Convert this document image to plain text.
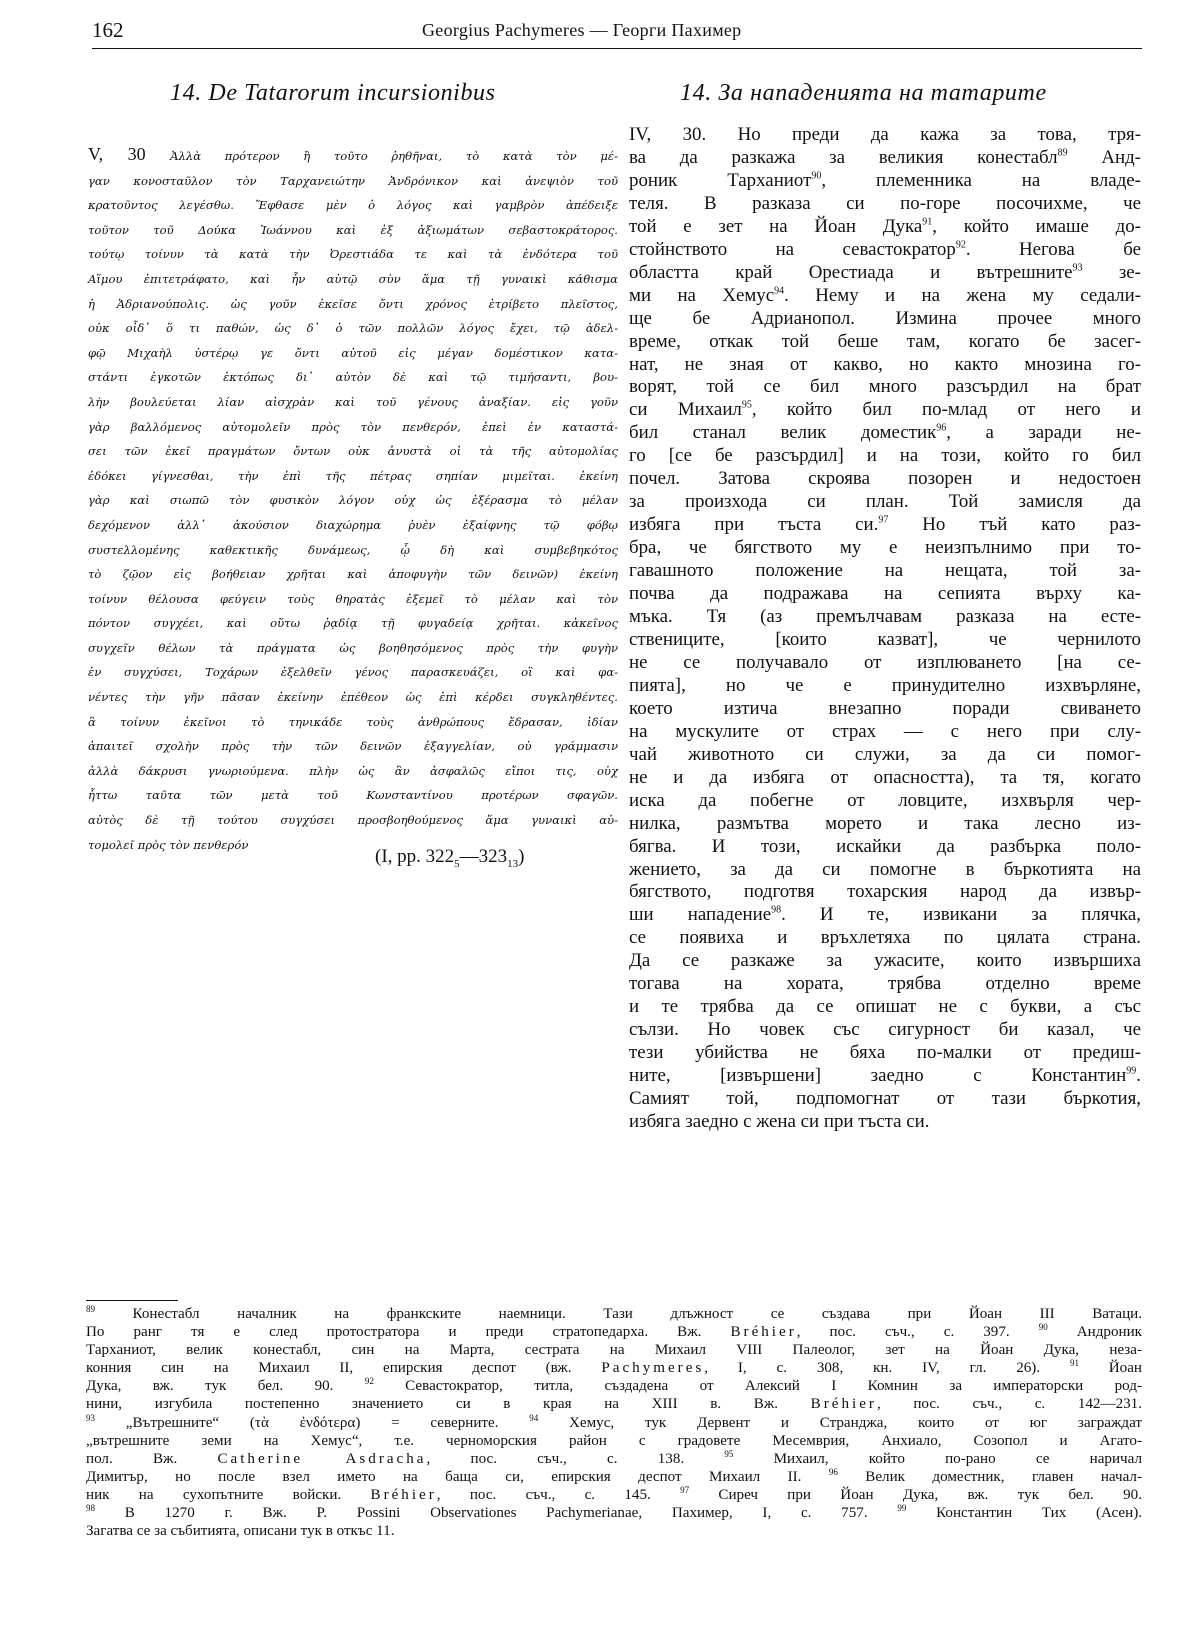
162	Georgius Pachymeres — Георги Пахимер
14. De Tatarorum incursionibus	14. За нападенията на татарите
V, 30 Ἀλλὰ πρότερον ἢ τοῦτο ῥηθῆναι, τὸ κατὰ τὸν μέ-
γαν κονοσταῦλον τὸν Ταρχανειώτην Ἀνδρόνικον καὶ ἀνεψιὸν τοῦ
κρατοῦντος λεγέσθω. Ἔφθασε μὲν ὁ λόγος καὶ γαμβρὸν ἀπέδειξε
τοῦτον τοῦ Δούκα Ἰωάννου καὶ ἐξ ἀξιωμάτων σεβαστοκράτορος.
τούτῳ τοίνυν τὰ κατὰ τὴν Ὀρεστιάδα τε καὶ τὰ ἐνδότερα τοῦ
Αἵμου ἐπιτετράφατο, καὶ ἦν αὐτῷ σὺν ἅμα τῇ γυναικὶ κάθισμα
ἡ Ἀδριανούπολις. ὡς γοῦν ἐκεῖσε ὄντι χρόνος ἐτρίβετο πλεῖστος,
οὐκ οἶδ᾽ ὅ τι παθών, ὡς δ᾽ ὁ τῶν πολλῶν λόγος ἔχει, τῷ ἀδελ-
φῷ Μιχαὴλ ὑστέρῳ γε ὄντι αὐτοῦ εἰς μέγαν δομέστικον κατα-
στάντι ἐγκοτῶν ἐκτόπως δι᾽ αὐτὸν δὲ καὶ τῷ τιμήσαντι, βου-
λὴν βουλεύεται λίαν αἰσχρὰν καὶ τοῦ γένους ἀναξίαν. εἰς γοῦν
γὰρ βαλλόμενος αὐτομολεῖν πρὸς τὸν πενθερόν, ἐπεὶ ἐν καταστά-
σει τῶν ἐκεῖ πραγμάτων ὄντων οὐκ ἀνυστὰ οἱ τὰ τῆς αὐτομολίας
ἐδόκει γίγνεσθαι, τὴν ἐπὶ τῆς πέτρας σηπίαν μιμεῖται. ἐκείνη
γὰρ καὶ σιωπῶ τὸν φυσικὸν λόγον οὐχ ὡς ἐξέρασμα τὸ μέλαν
δεχόμενον ἀλλ᾽ ἀκούσιον διαχώρημα ῥυὲν ἐξαίφνης τῷ φόβῳ
συστελλομένης καθεκτικῆς δυνάμεως, ᾧ δὴ καὶ συμβεβηκότος
τὸ ζῷον εἰς βοήθειαν χρῆται καὶ ἀποφυγὴν τῶν δεινῶν) ἐκείνη
τοίνυν θέλουσα φεύγειν τοὺς θηρατὰς ἐξεμεῖ τὸ μέλαν καὶ τὸν
πόντον συγχέει, καὶ οὕτω ῥᾳδίᾳ τῇ φυγαδείᾳ χρῆται. κἀκεῖνος
συγχεῖν θέλων τὰ πράγματα ὡς βοηθησόμενος πρὸς τὴν φυγὴν
ἐν συγχύσει, Τοχάρων ἐξελθεῖν γένος παρασκευάζει, οἳ καὶ φα-
νέντες τὴν γῆν πᾶσαν ἐκείνην ἐπέθεον ὡς ἐπὶ κέρδει συγκληθέντες.
ἃ τοίνυν ἐκεῖνοι τὸ τηνικάδε τοὺς ἀνθρώπους ἔδρασαν, ἰδίαν
ἀπαιτεῖ σχολὴν πρὸς τὴν τῶν δεινῶν ἐξαγγελίαν, οὐ γράμμασιν
ἀλλὰ δάκρυσι γνωριούμενα. πλὴν ὡς ἂν ἀσφαλῶς εἴποι τις, οὐχ
ἧττω ταῦτα τῶν μετὰ τοῦ Κωνσταντίνου προτέρων σφαγῶν.
αὐτὸς δὲ τῇ τούτου συγχύσει προσβοηθούμενος ἅμα γυναικὶ αὐ-
τομολεῖ πρὸς τὸν πενθερόν
(I, pp. $322_5—323_{13}$)
IV, 30. Но преди да кажа за това, тря-
ва да разкажа за великия конестабл$^{89}$ Анд-
роник Тарханиот$^{90}$, племенника на владе-
теля. В разказа си по-горе посочихме, че
той е зет на Йоан Дука$^{91}$, който имаше до-
стойнството на севастократор$^{92}$. Негова бе
областта край Орестиада и вътрешните$^{93}$ зе-
ми на Хемус$^{94}$. Нему и на жена му седали-
ще бе Адрианопол. Измина прочее много
време, откак той беше там, когато бе засег-
нат, не зная от какво, но както мнозина го-
ворят, той се бил много разсърдил на брат
си Михаил$^{95}$, който бил по-млад от него и
бил станал велик доместик$^{96}$, а заради не-
го [се бе разсърдил] и на този, който го бил
почел. Затова скроява позорен и недостоен
за произхода си план. Той замисля да
избяга при тъста си.$^{97}$ Но тъй като раз-
бра, че бягството му е неизпълнимо при то-
гавашното положение на нещата, той за-
почва да подражава на сепията върху ка-
мъка. Тя (аз премълчавам разказа на есте-
ствениците, [които казват], че чернилото
не се получавало от изплюването [на се-
пията], но че е принудително изхвърляне,
което изтича внезапно поради свиването
на мускулите от страх — с него при слу-
чай животното си служи, за да си помог-
не и да избяга от опасността), та тя, когато
иска да побегне от ловците, изхвърля чер-
нилка, размътва морето и така лесно из-
бягва. И този, искайки да разбърка поло-
жението, за да си помогне в бъркотията на
бягството, подготвя тохарския народ да извър-
ши нападение$^{98}$. И те, извикани за плячка,
се появиха и връхлетяха по цялата страна.
Да се разкаже за ужасите, които извършиха
тогава на хората, трябва отделно време
и те трябва да се опишат не с букви, а със
сълзи. Но човек със сигурност би казал, че
тези убийства не бяха по-малки от предиш-
ните, [извършени] заедно с Константин$^{99}$.
Самият той, подпомогнат от тази бъркотия,
избяга заедно с жена си при тъста си.
$^{89}$ Конестабл началник на франкските наемници. Тази длъжност се създава при Йоан III Ватаци.
По ранг тя е след протостратора и преди стратопедарха. Вж. Bréhier, пос. съч., с. 397. $^{90}$ Андроник
Тарханиот, велик конестабл, син на Марта, сестрата на Михаил VIII Палеолог, зет на Йоан Дука, неза-
конния син на Михаил II, епирския деспот (вж. Pachymeres, I, с. 308, кн. IV, гл. 26). $^{91}$ Йоан
Дука, вж. тук бел. 90. $^{92}$ Севастократор, титла, създадена от Алексий I Комнин за императорски род-
нини, изгубила постепенно значението си в края на XIII в. Вж. Bréhier, пос. съч., с. 142—231.
$^{93}$ „Вътрешните“ (τὰ ἐνδότερα) = северните. $^{94}$ Хемус, тук Дервент и Странджа, които от юг заграждат
„вътрешните земи на Хемус“, т.е. черноморския район с градовете Месемврия, Анхиало, Созопол и Агато-
пол. Вж. Catherine Asdracha, пос. съч., с. 138. $^{95}$ Михаил, който по-рано се наричал
Димитър, но после взел името на баща си, епирския деспот Михаил II. $^{96}$ Велик доместник, главен начал-
ник на сухопътните войски. Bréhier, пос. съч., с. 145. $^{97}$ Сиреч при Йоан Дука, вж. тук бел. 90.
$^{98}$ В 1270 г. Вж. P. Possini Observationes Pachymerianae, Пахимер, I, с. 757. $^{99}$ Константин Тих (Асен).
Загатва се за събитията, описани тук в откъс 11.
